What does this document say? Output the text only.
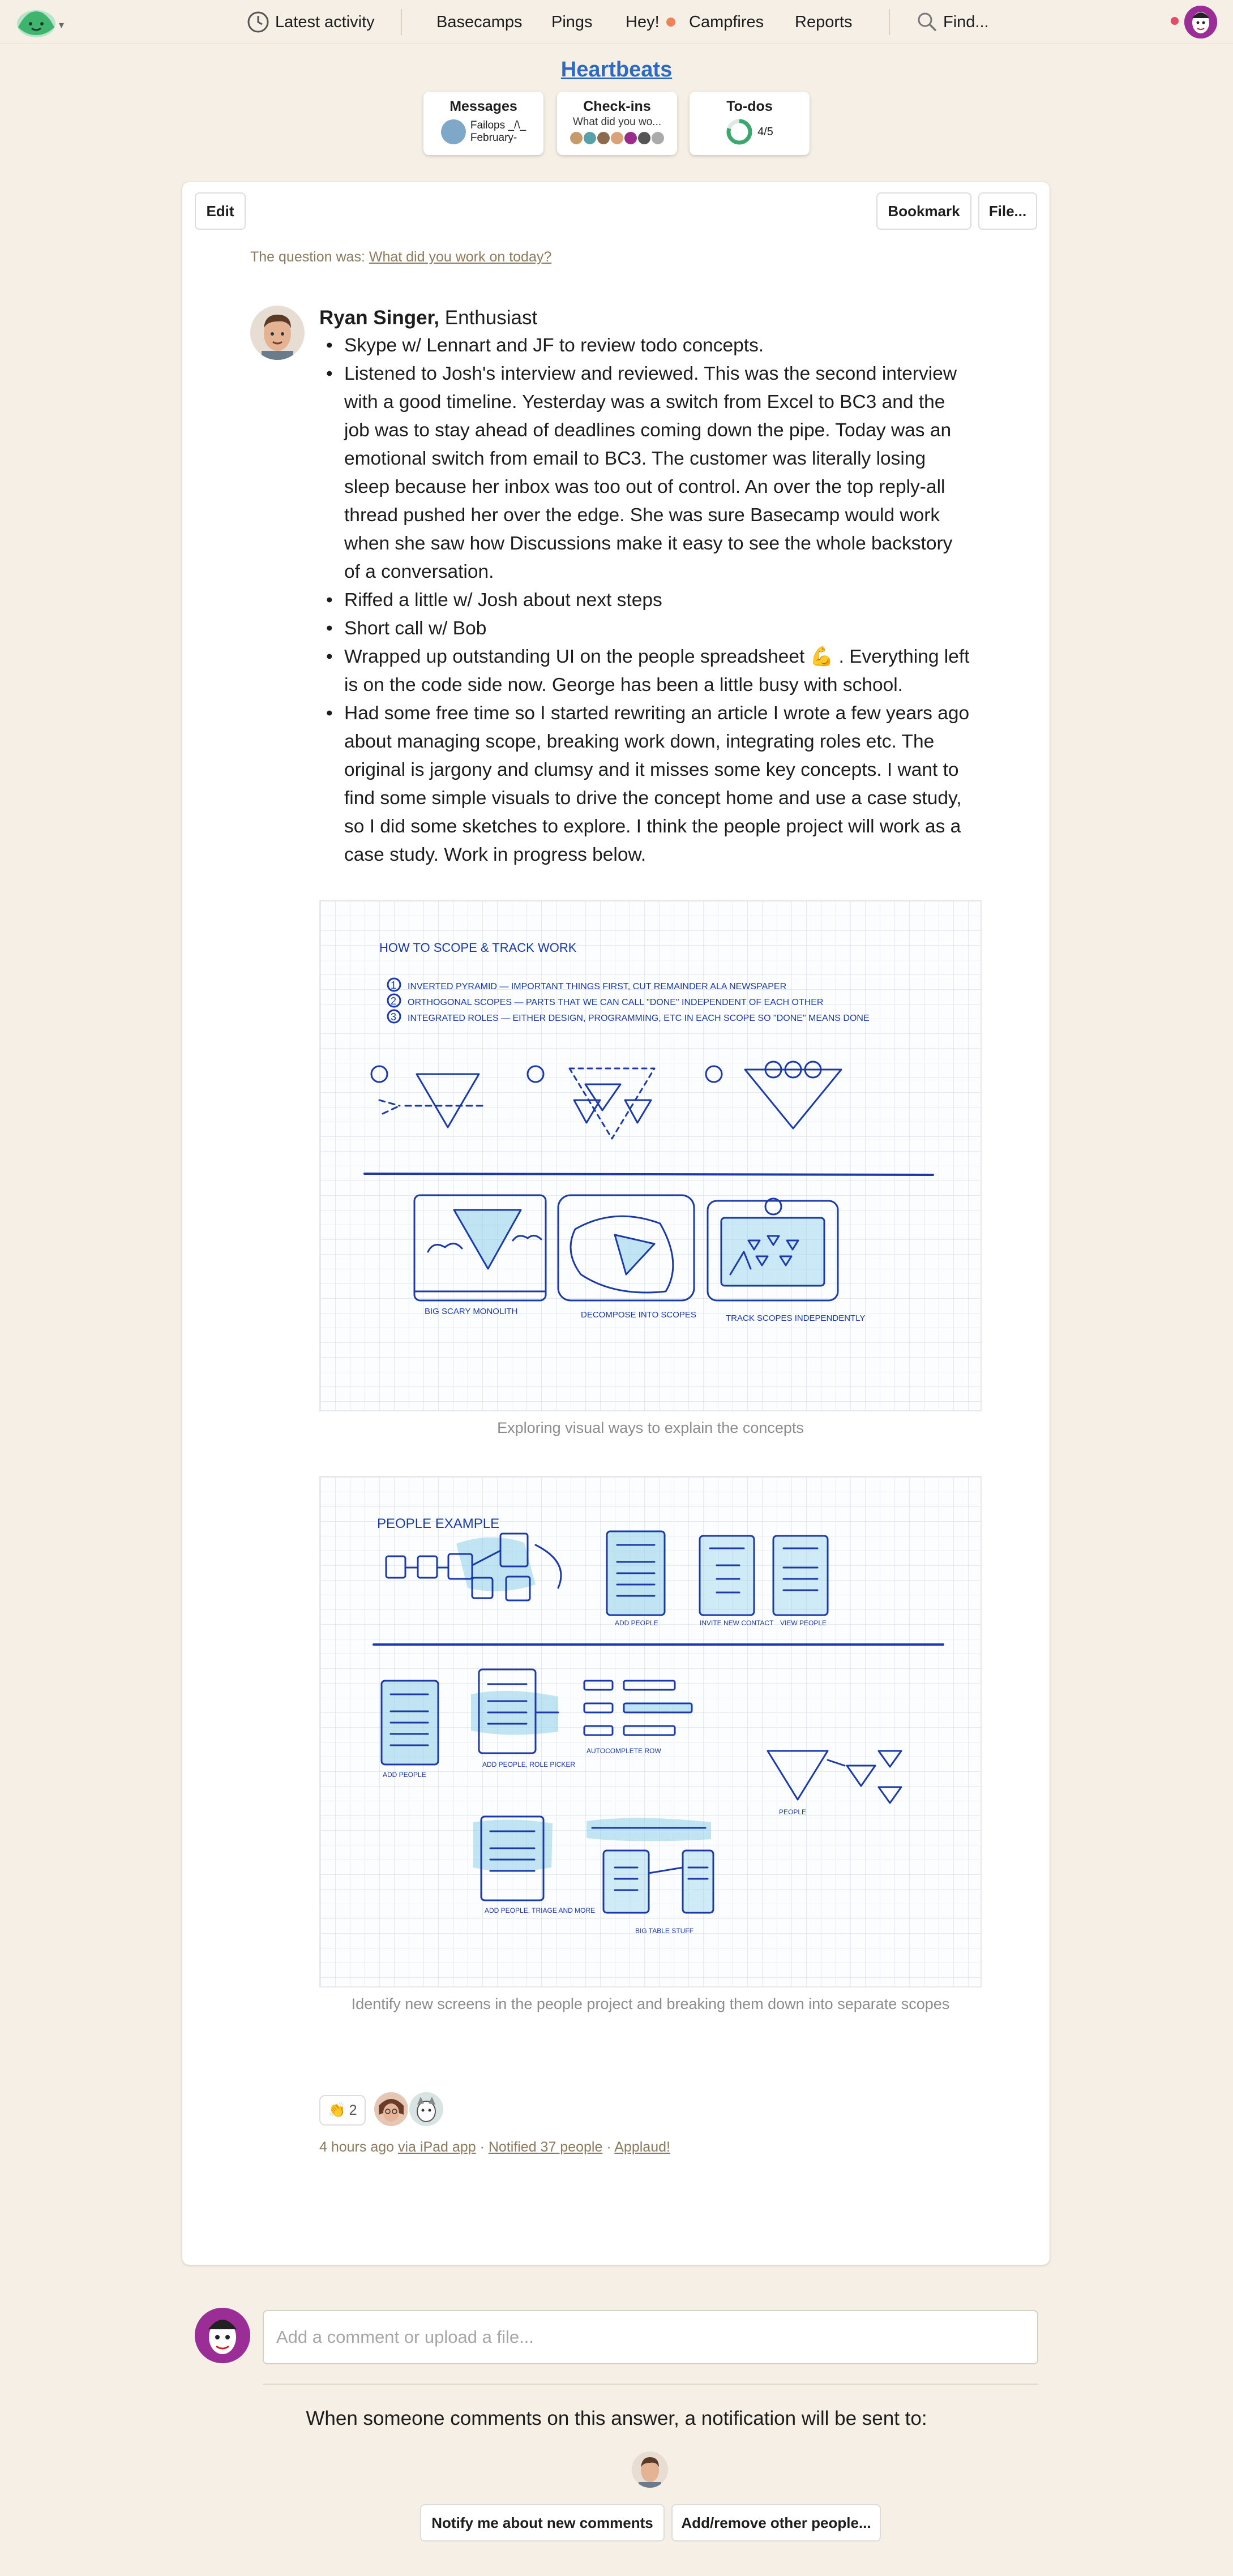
▾	Latest activity	Basecamps Pings Hey! Campfires Reports	Find...
Heartbeats
Messages
Failops _/\_
February-
Check-ins
What did you wo...
To-dos
4/5
Edit	Bookmark	File...
The question was: What did you work on today?
Ryan Singer, Enthusiast
• Skype w/ Lennart and JF to review todo concepts.
• Listened to Josh's interview and reviewed. This was the second interview with a good timeline. Yesterday was a switch from Excel to BC3 and the job was to stay ahead of deadlines coming down the pipe. Today was an emotional switch from email to BC3. The customer was literally losing sleep because her inbox was too out of control. An over the top reply-all thread pushed her over the edge. She was sure Basecamp would work when she saw how Discussions make it easy to see the whole backstory of a conversation.
• Riffed a little w/ Josh about next steps
• Short call w/ Bob
• Wrapped up outstanding UI on the people spreadsheet 💪 . Everything left is on the code side now. George has been a little busy with school.
• Had some free time so I started rewriting an article I wrote a few years ago about managing scope, breaking work down, integrating roles etc. The original is jargony and clumsy and it misses some key concepts. I want to find some simple visuals to drive the concept home and use a case study, so I did some sketches to explore. I think the people project will work as a case study. Work in progress below.
HOW TO SCOPE & TRACK WORK
1
2
3
INVERTED PYRAMID — IMPORTANT THINGS FIRST, CUT REMAINDER ALA NEWSPAPER
ORTHOGONAL SCOPES — PARTS THAT WE CAN CALL "DONE" INDEPENDENT OF EACH OTHER
INTEGRATED ROLES — EITHER DESIGN, PROGRAMMING, ETC IN EACH SCOPE SO "DONE" MEANS DONE
BIG SCARY MONOLITH	DECOMPOSE INTO SCOPES	TRACK SCOPES INDEPENDENTLY
Exploring visual ways to explain the concepts
PEOPLE EXAMPLE
ADD PEOPLE	INVITE NEW CONTACT VIEW PEOPLE
ADD PEOPLE
ADD PEOPLE, ROLE PICKER
AUTOCOMPLETE ROW
PEOPLE
ADD PEOPLE, TRIAGE AND MORE
BIG TABLE STUFF
Identify new screens in the people project and breaking them down into separate scopes
👏 2
4 hours ago via iPad app · Notified 37 people · Applaud!
Add a comment or upload a file...
When someone comments on this answer, a notification will be sent to:
Notify me about new comments	Add/remove other people...
